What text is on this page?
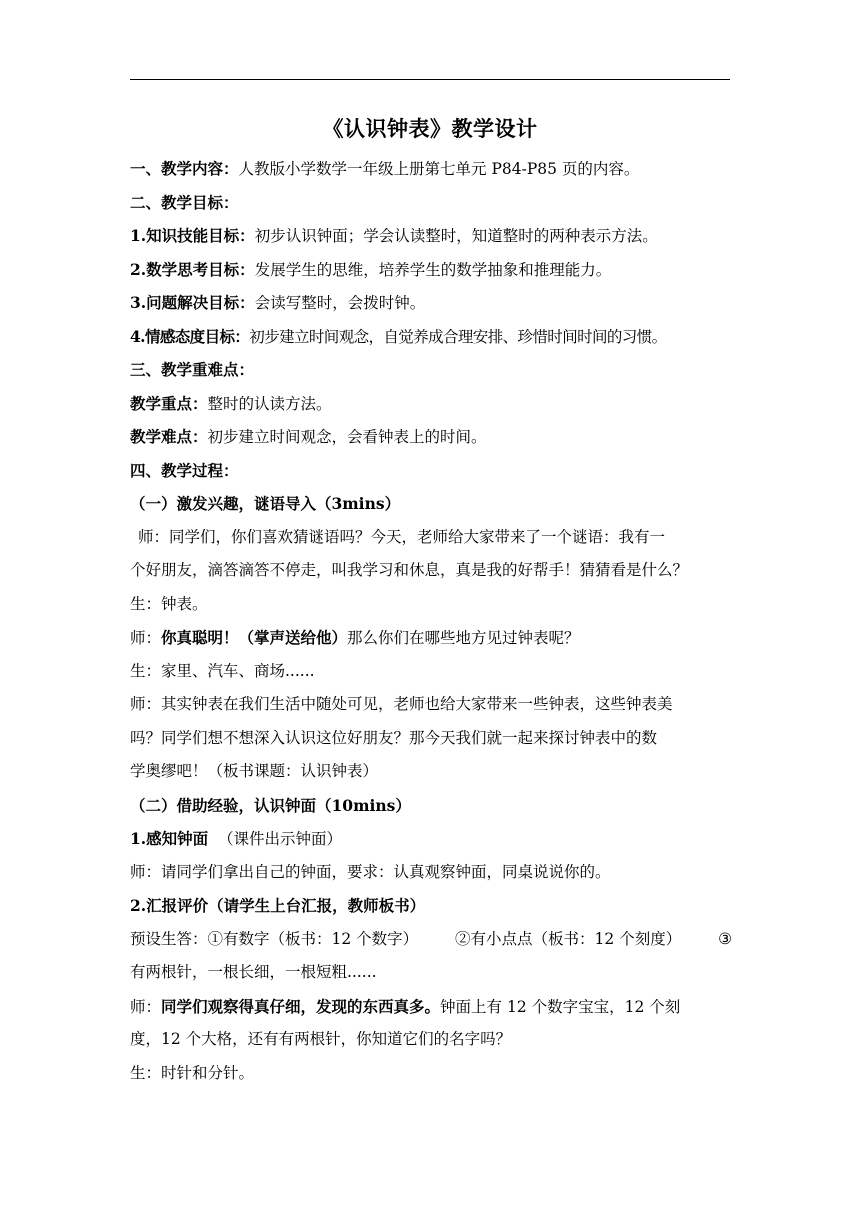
《认识钟表》教学设计
一、教学内容：人教版小学数学一年级上册第七单元 P84-P85 页的内容。
二、教学目标：
1.知识技能目标：初步认识钟面；学会认读整时，知道整时的两种表示方法。
2.数学思考目标：发展学生的思维，培养学生的数学抽象和推理能力。
3.问题解决目标：会读写整时，会拨时钟。
4.情感态度目标：初步建立时间观念，自觉养成合理安排、珍惜时间时间的习惯。
三、教学重难点：
教学重点：整时的认读方法。
教学难点：初步建立时间观念，会看钟表上的时间。
四、教学过程：
（一）激发兴趣，谜语导入（3mins）
师：同学们，你们喜欢猜谜语吗？今天，老师给大家带来了一个谜语：我有一
个好朋友，滴答滴答不停走，叫我学习和休息，真是我的好帮手！猜猜看是什么？
生：钟表。
师：你真聪明！（掌声送给他）那么你们在哪些地方见过钟表呢？
生：家里、汽车、商场......
师：其实钟表在我们生活中随处可见，老师也给大家带来一些钟表，这些钟表美
吗？同学们想不想深入认识这位好朋友？那今天我们就一起来探讨钟表中的数
学奥缪吧！（板书课题：认识钟表）
（二）借助经验，认识钟面（10mins）
1.感知钟面 （课件出示钟面）
师：请同学们拿出自己的钟面，要求：认真观察钟面，同桌说说你的。
2.汇报评价（请学生上台汇报，教师板书）
预设生答：①有数字（板书：12 个数字） ②有小点点（板书：12 个刻度） ③
有两根针，一根长细，一根短粗......
师：同学们观察得真仔细，发现的东西真多。钟面上有 12 个数字宝宝，12 个刻
度，12 个大格，还有有两根针，你知道它们的名字吗？
生：时针和分针。
